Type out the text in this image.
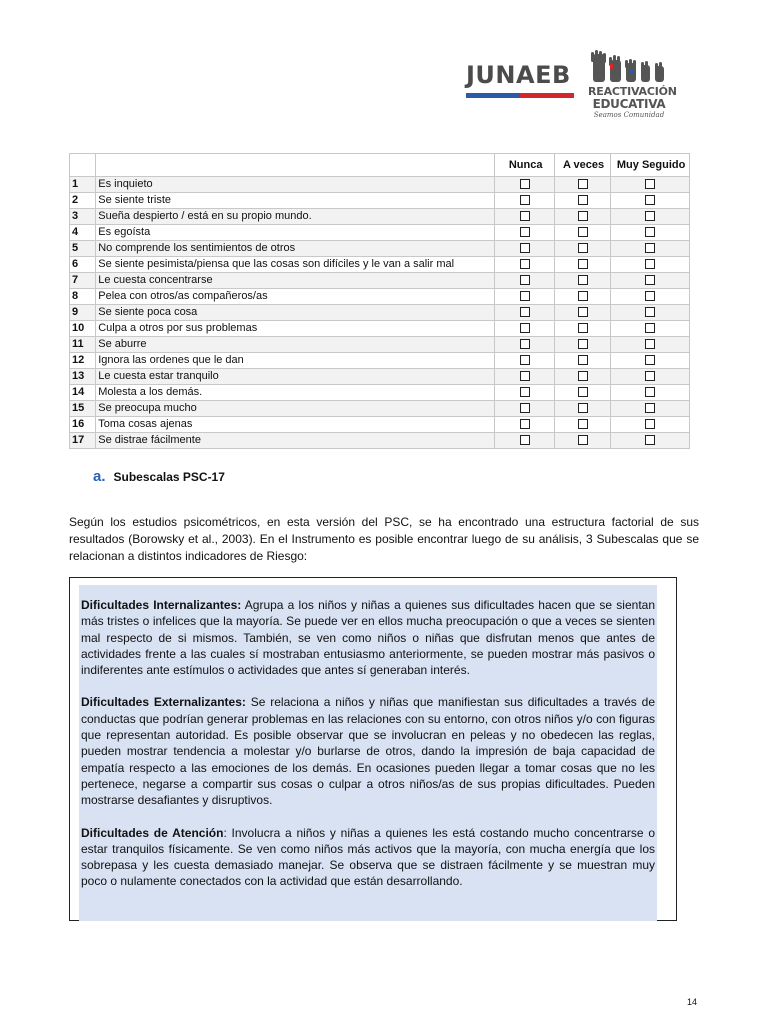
JUNAEB
REACTIVACIÓN
EDUCATIVA
Seamos Comunidad
		Nunca	A veces	Muy Seguido
1	Es inquieto			
2	Se siente triste			
3	Sueña despierto / está en su propio mundo.			
4	Es egoísta			
5	No comprende los sentimientos de otros			
6	Se siente pesimista/piensa que las cosas son difíciles y le van a salir mal			
7	Le cuesta concentrarse			
8	Pelea con otros/as compañeros/as			
9	Se siente poca cosa			
10	Culpa a otros por sus problemas			
11	Se aburre			
12	Ignora las ordenes que le dan			
13	Le cuesta estar tranquilo			
14	Molesta a los demás.			
15	Se preocupa mucho			
16	Toma cosas ajenas			
17	Se distrae fácilmente			
a. Subescalas PSC-17

Según los estudios psicométricos, en esta versión del PSC, se ha encontrado una estructura factorial de sus resultados (Borowsky et al., 2003). En el Instrumento es posible encontrar luego de su análisis, 3 Subescalas que se relacionan a distintos indicadores de Riesgo:

Dificultades Internalizantes: Agrupa a los niños y niñas a quienes sus dificultades hacen que se sientan más tristes o infelices que la mayoría. Se puede ver en ellos mucha preocupación o que a veces se sienten mal respecto de si mismos. También, se ven como niños o niñas que disfrutan menos que antes de actividades frente a las cuales sí mostraban entusiasmo anteriormente, se pueden mostrar más pasivos o indiferentes ante estímulos o actividades que antes sí generaban interés.

Dificultades Externalizantes: Se relaciona a niños y niñas que manifiestan sus dificultades a través de conductas que podrían generar problemas en las relaciones con su entorno, con otros niños y/o con figuras que representan autoridad. Es posible observar que se involucran en peleas y no obedecen las reglas, pueden mostrar tendencia a molestar y/o burlarse de otros, dando la impresión de baja capacidad de empatía respecto a las emociones de los demás. En ocasiones pueden llegar a tomar cosas que no les pertenece, negarse a compartir sus cosas o culpar a otros niños/as de sus propias dificultades. Pueden mostrarse desafiantes y disruptivos.

Dificultades de Atención: Involucra a niños y niñas a quienes les está costando mucho concentrarse o estar tranquilos físicamente. Se ven como niños más activos que la mayoría, con mucha energía que los sobrepasa y les cuesta demasiado manejar. Se observa que se distraen fácilmente y se muestran muy poco o nulamente conectados con la actividad que están desarrollando.

14
